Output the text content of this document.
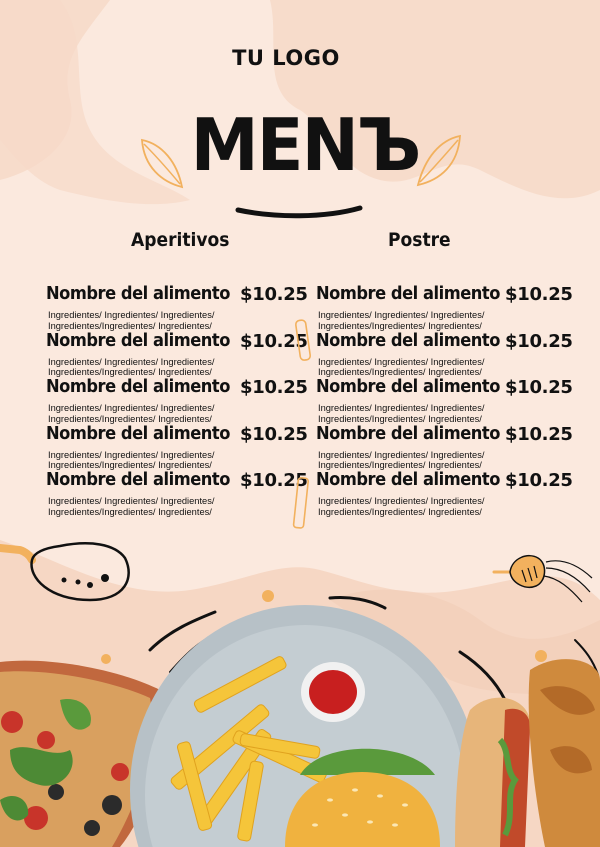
TU LOGO
MENЪ
Aperitivos	Postre
Nombre del alimento $10.25
Ingredientes/ Ingredientes/ Ingredientes/ Ingredientes/Ingredientes/ Ingredientes/
Nombre del alimento $10.25
Ingredientes/ Ingredientes/ Ingredientes/ Ingredientes/Ingredientes/ Ingredientes/
Nombre del alimento $10.25
Ingredientes/ Ingredientes/ Ingredientes/ Ingredientes/Ingredientes/ Ingredientes/
Nombre del alimento $10.25
Ingredientes/ Ingredientes/ Ingredientes/ Ingredientes/Ingredientes/ Ingredientes/
Nombre del alimento $10.25
Ingredientes/ Ingredientes/ Ingredientes/ Ingredientes/Ingredientes/ Ingredientes/
Nombre del alimento $10.25
Ingredientes/ Ingredientes/ Ingredientes/ Ingredientes/Ingredientes/ Ingredientes/
Nombre del alimento $10.25
Ingredientes/ Ingredientes/ Ingredientes/ Ingredientes/Ingredientes/ Ingredientes/
Nombre del alimento $10.25
Ingredientes/ Ingredientes/ Ingredientes/ Ingredientes/Ingredientes/ Ingredientes/
Nombre del alimento $10.25
Ingredientes/ Ingredientes/ Ingredientes/ Ingredientes/Ingredientes/ Ingredientes/
Nombre del alimento $10.25
Ingredientes/ Ingredientes/ Ingredientes/ Ingredientes/Ingredientes/ Ingredientes/
